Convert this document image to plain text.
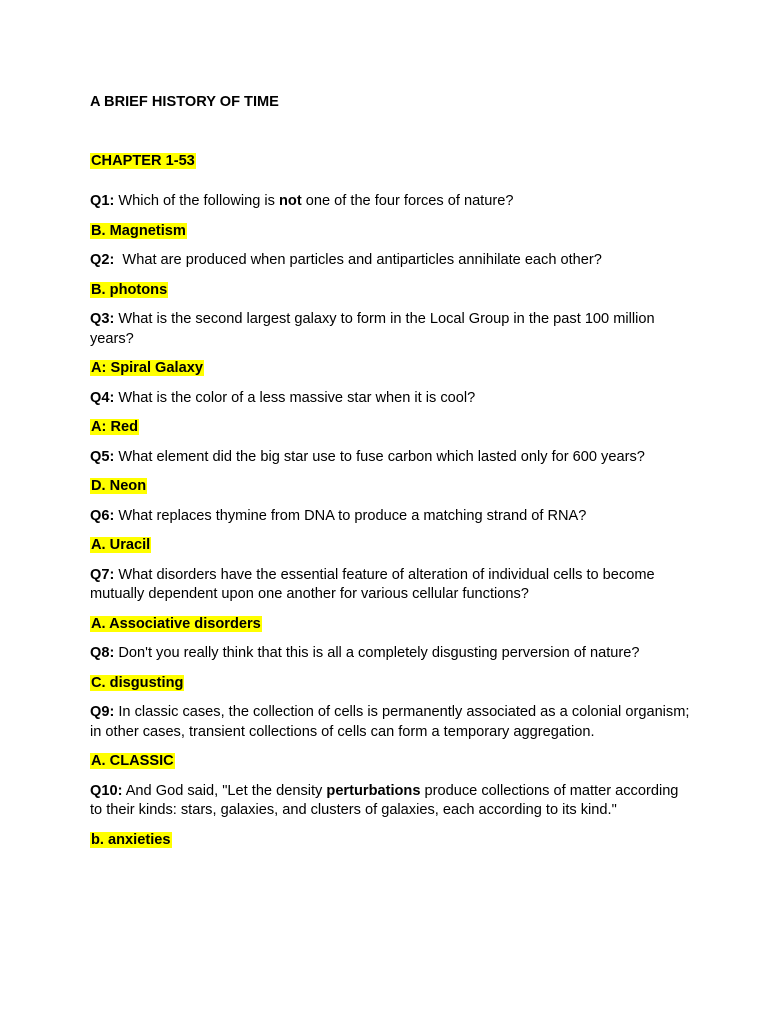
A BRIEF HISTORY OF TIME

CHAPTER 1-53

Q1: Which of the following is not one of the four forces of nature?

B. Magnetism

Q2:  What are produced when particles and antiparticles annihilate each other?

B. photons

Q3: What is the second largest galaxy to form in the Local Group in the past 100 million years?

A: Spiral Galaxy

Q4: What is the color of a less massive star when it is cool?

A: Red

Q5: What element did the big star use to fuse carbon which lasted only for 600 years?

D. Neon

Q6: What replaces thymine from DNA to produce a matching strand of RNA?

A. Uracil

Q7: What disorders have the essential feature of alteration of individual cells to become mutually dependent upon one another for various cellular functions?

A. Associative disorders

Q8: Don't you really think that this is all a completely disgusting perversion of nature?

C. disgusting

Q9: In classic cases, the collection of cells is permanently associated as a colonial organism; in other cases, transient collections of cells can form a temporary aggregation.

A. CLASSIC

Q10: And God said, "Let the density perturbations produce collections of matter according to their kinds: stars, galaxies, and clusters of galaxies, each according to its kind."

b. anxieties
